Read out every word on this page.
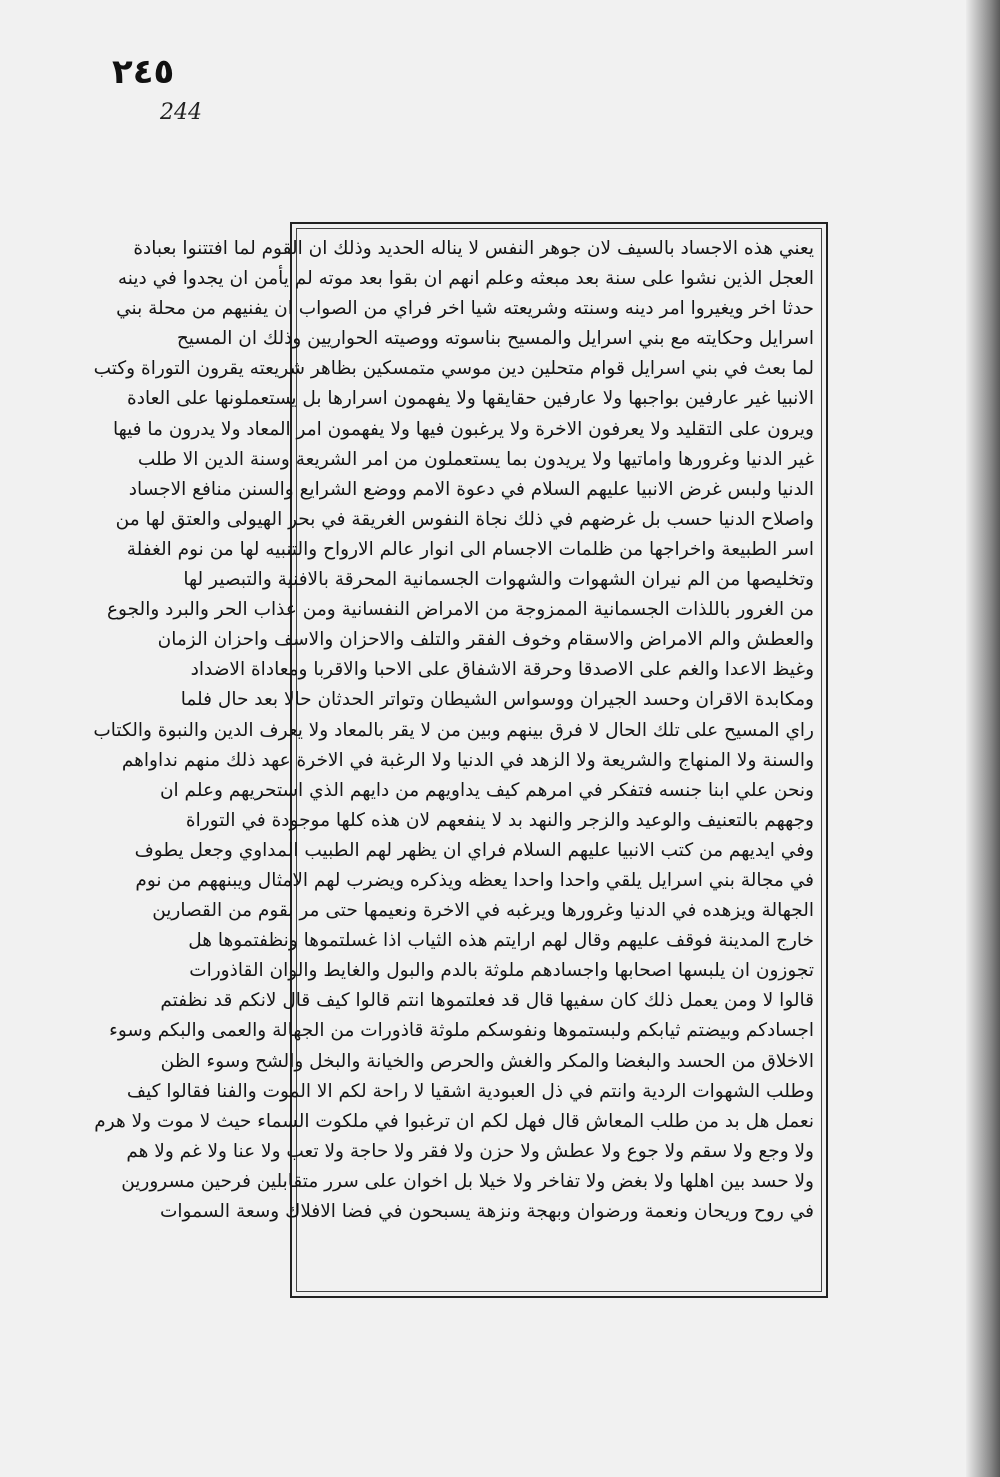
٢٤٥
244
يعني هذه الاجساد بالسيف لان جوهر النفس لا يناله الحديد وذلك ان القوم لما افتتنوا بعبادة
العجل الذين نشوا على سنة بعد مبعثه وعلم انهم ان بقوا بعد موته لم يأمن ان يجدوا في دينه
حدثا اخر ويغيروا امر دينه وسنته وشريعته شيا اخر فراي من الصواب ان يفنيهم من محلة بني
اسرايل وحكايته مع بني اسرايل والمسيح بناسوته ووصيته الحواريين وذلك ان المسيح
لما بعث في بني اسرايل قوام متحلين دين موسي متمسكين بظاهر شريعته يقرون التوراة وكتب
الانبيا غير عارفين بواجبها ولا عارفين حقايقها ولا يفهمون اسرارها بل يستعملونها على العادة
ويرون على التقليد ولا يعرفون الاخرة ولا يرغبون فيها ولا يفهمون امر المعاد ولا يدرون ما فيها
غير الدنيا وغرورها واماتيها ولا يريدون بما يستعملون من امر الشريعة وسنة الدين الا طلب
الدنيا ولبس غرض الانبيا عليهم السلام في دعوة الامم ووضع الشرايع والسنن منافع الاجساد
واصلاح الدنيا حسب بل غرضهم في ذلك نجاة النفوس الغريقة في بحر الهيولى والعتق لها من
اسر الطبيعة واخراجها من ظلمات الاجسام الى انوار عالم الارواح والتنبيه لها من نوم الغفلة
وتخليصها من الم نيران الشهوات والشهوات الجسمانية المحرقة بالافنية والتبصير لها
من الغرور باللذات الجسمانية الممزوجة من الامراض النفسانية ومن عذاب الحر والبرد والجوع
والعطش والم الامراض والاسقام وخوف الفقر والتلف والاحزان والاسف واحزان الزمان
وغيظ الاعدا والغم على الاصدقا وحرقة الاشفاق على الاحبا والاقربا ومعاداة الاضداد
ومكابدة الاقران وحسد الجيران ووسواس الشيطان وتواتر الحدثان حالا بعد حال فلما
راي المسيح على تلك الحال لا فرق بينهم وبين من لا يقر بالمعاد ولا يعرف الدين والنبوة والكتاب
والسنة ولا المنهاج والشريعة ولا الزهد في الدنيا ولا الرغبة في الاخرة عهد ذلك منهم نداواهم
ونحن علي ابنا جنسه فتفكر في امرهم كيف يداويهم من دايهم الذي استحريهم وعلم ان
وجههم بالتعنيف والوعيد والزجر والنهد بد لا ينفعهم لان هذه كلها موجودة في التوراة
وفي ايديهم من كتب الانبيا عليهم السلام فراي ان يظهر لهم الطبيب المداوي وجعل يطوف
في مجالة بني اسرايل يلقي واحدا واحدا يعظه ويذكره ويضرب لهم الامثال ويبنههم من نوم
الجهالة ويزهده في الدنيا وغرورها ويرغبه في الاخرة ونعيمها حتى مر بقوم من القصارين
خارج المدينة فوقف عليهم وقال لهم ارايتم هذه الثياب اذا غسلتموها ونظفتموها هل
تجوزون ان يلبسها اصحابها واجسادهم ملوثة بالدم والبول والغايط والوان القاذورات
قالوا لا ومن يعمل ذلك كان سفيها قال قد فعلتموها انتم قالوا كيف قال لانكم قد نظفتم
اجسادكم وبيضتم ثيابكم ولبستموها ونفوسكم ملوثة قاذورات من الجهالة والعمى والبكم وسوء
الاخلاق من الحسد والبغضا والمكر والغش والحرص والخيانة والبخل والشح وسوء الظن
وطلب الشهوات الردية وانتم في ذل العبودية اشقيا لا راحة لكم الا الموت والفنا فقالوا كيف
نعمل هل بد من طلب المعاش قال فهل لكم ان ترغبوا في ملكوت السماء حيث لا موت ولا هرم
ولا وجع ولا سقم ولا جوع ولا عطش ولا حزن ولا فقر ولا حاجة ولا تعب ولا عنا ولا غم ولا هم
ولا حسد بين اهلها ولا بغض ولا تفاخر ولا خيلا بل اخوان على سرر متقابلين فرحين مسرورين
في روح وريحان ونعمة ورضوان وبهجة ونزهة يسبحون في فضا الافلاك وسعة السموات
